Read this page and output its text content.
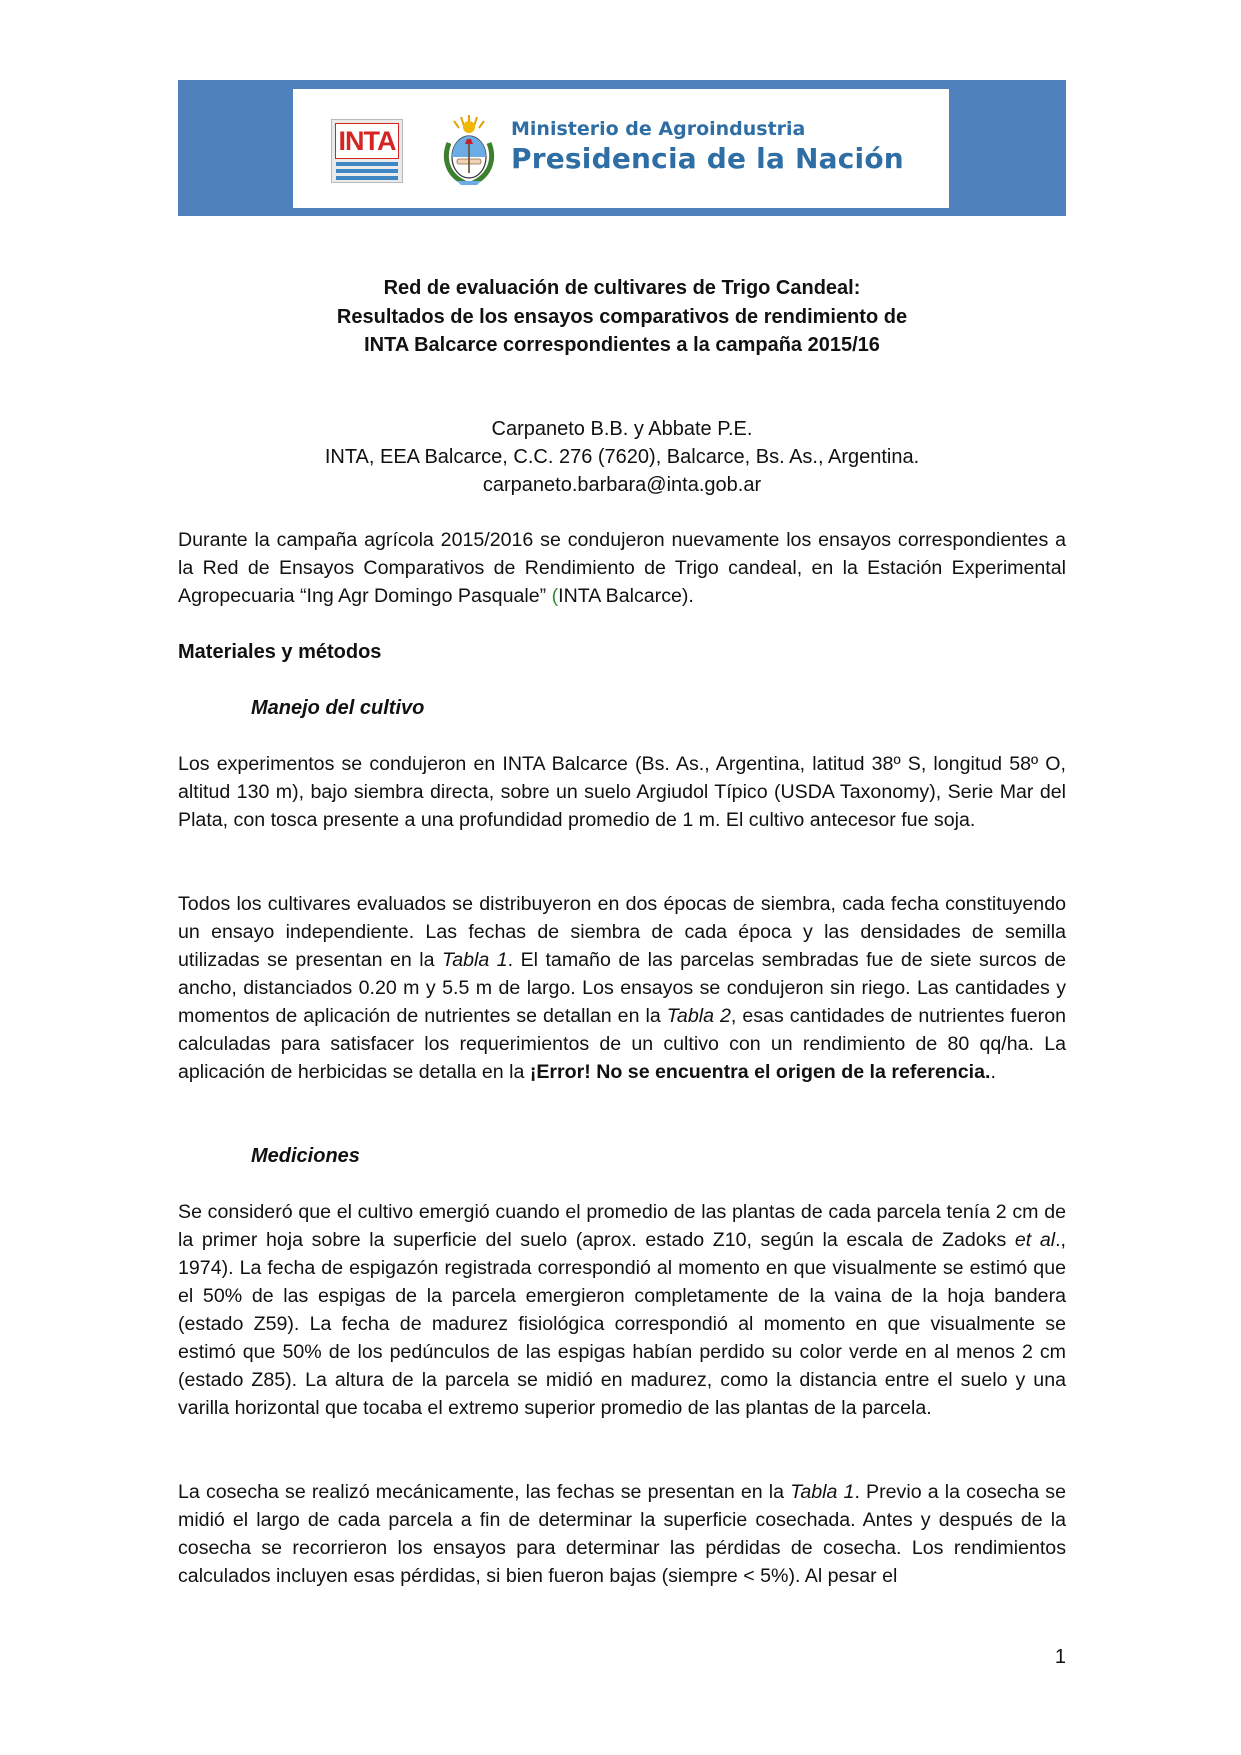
INTA	Ministerio de Agroindustria
Presidencia de la Nación
Red de evaluación de cultivares de Trigo Candeal:
Resultados de los ensayos comparativos de rendimiento de
INTA Balcarce correspondientes a la campaña 2015/16
Carpaneto B.B. y Abbate P.E.
INTA, EEA Balcarce, C.C. 276 (7620), Balcarce, Bs. As., Argentina.
carpaneto.barbara@inta.gob.ar

Durante la campaña agrícola 2015/2016 se condujeron nuevamente los ensayos correspondientes a la Red de Ensayos Comparativos de Rendimiento de Trigo candeal, en la Estación Experimental Agropecuaria “Ing Agr Domingo Pasquale” (INTA Balcarce).

Materiales y métodos
Manejo del cultivo

Los experimentos se condujeron en INTA Balcarce (Bs. As., Argentina, latitud 38º S, longitud 58º O, altitud 130 m), bajo siembra directa, sobre un suelo Argiudol Típico (USDA Taxonomy), Serie Mar del Plata, con tosca presente a una profundidad promedio de 1 m. El cultivo antecesor fue soja.

Todos los cultivares evaluados se distribuyeron en dos épocas de siembra, cada fecha constituyendo un ensayo independiente. Las fechas de siembra de cada época y las densidades de semilla utilizadas se presentan en la Tabla 1. El tamaño de las parcelas sembradas fue de siete surcos de ancho, distanciados 0.20 m y 5.5 m de largo. Los ensayos se condujeron sin riego. Las cantidades y momentos de aplicación de nutrientes se detallan en la Tabla 2, esas cantidades de nutrientes fueron calculadas para satisfacer los requerimientos de un cultivo con un rendimiento de 80 qq/ha. La aplicación de herbicidas se detalla en la ¡Error! No se encuentra el origen de la referencia..

Mediciones

Se consideró que el cultivo emergió cuando el promedio de las plantas de cada parcela tenía 2 cm de la primer hoja sobre la superficie del suelo (aprox. estado Z10, según la escala de Zadoks et al., 1974). La fecha de espigazón registrada correspondió al momento en que visualmente se estimó que el 50% de las espigas de la parcela emergieron completamente de la vaina de la hoja bandera (estado Z59). La fecha de madurez fisiológica correspondió al momento en que visualmente se estimó que 50% de los pedúnculos de las espigas habían perdido su color verde en al menos 2 cm (estado Z85). La altura de la parcela se midió en madurez, como la distancia entre el suelo y una varilla horizontal que tocaba el extremo superior promedio de las plantas de la parcela.

La cosecha se realizó mecánicamente, las fechas se presentan en la Tabla 1. Previo a la cosecha se midió el largo de cada parcela a fin de determinar la superficie cosechada. Antes y después de la cosecha se recorrieron los ensayos para determinar las pérdidas de cosecha. Los rendimientos calculados incluyen esas pérdidas, si bien fueron bajas (siempre < 5%). Al pesar el

1
